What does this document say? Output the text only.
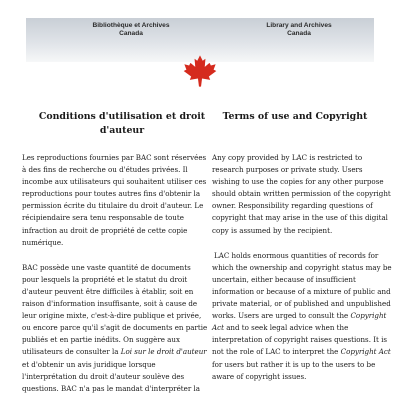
Bibliothèque et Archives
Canada
Library and Archives
Canada
Conditions d'utilisation et droit d'auteur
Terms of use and Copyright

Les reproductions fournies par BAC sont réservées à des fins de recherche ou d'études privées. Il incombe aux utilisateurs qui souhaitent utiliser ces reproductions pour toutes autres fins d'obtenir la permission écrite du titulaire du droit d'auteur. Le récipiendaire sera tenu responsable de toute infraction au droit de propriété de cette copie numérique.

BAC possède une vaste quantité de documents pour lesquels la propriété et le statut du droit d'auteur peuvent être difficiles à établir, soit en raison d'information insuffisante, soit à cause de leur origine mixte, c'est-à-dire publique et privée, ou encore parce qu'il s'agit de documents en partie publiés et en partie inédits. On suggère aux utilisateurs de consulter la Loi sur le droit d'auteur et d'obtenir un avis juridique lorsque l'interprétation du droit d'auteur soulève des questions. BAC n'a pas le mandat d'interpréter la

Any copy provided by LAC is restricted to research purposes or private study. Users wishing to use the copies for any other purpose should obtain written permission of the copyright owner. Responsibility regarding questions of copyright that may arise in the use of this digital copy is assumed by the recipient.

LAC holds enormous quantities of records for which the ownership and copyright status may be uncertain, either because of insufficient information or because of a mixture of public and private material, or of published and unpublished works. Users are urged to consult the Copyright Act and to seek legal advice when the interpretation of copyright raises questions. It is not the role of LAC to interpret the Copyright Act for users but rather it is up to the users to be aware of copyright issues.
